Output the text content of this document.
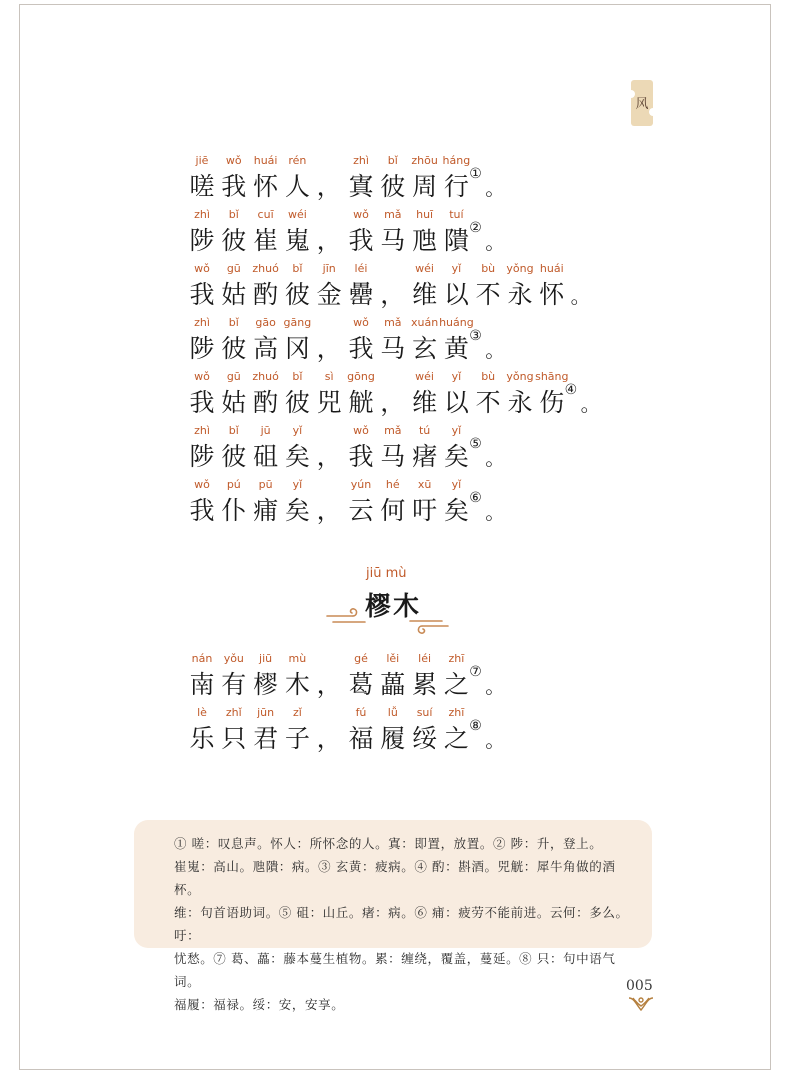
风
jiē
嗟
wǒ
我
huái
怀
rén
人 ，
zhì
寘
bǐ
彼
zhōu
周
háng
行 ①
。
zhì
陟
bǐ
彼
cuī
崔
wéi
嵬 ，
wǒ
我
mǎ
马
huī
虺
tuí
隤 ②
。
wǒ
我
gū
姑
zhuó
酌
bǐ
彼
jīn
金
léi
罍 ，
wéi
维
yǐ
以
bù
不
yǒng
永
huái
怀 。
zhì
陟
bǐ
彼
gāo
高
gāng
冈 ，
wǒ
我
mǎ
马
xuán
玄
huáng
黄 ③
。
wǒ
我
gū
姑
zhuó
酌
bǐ
彼
sì
兕
gōng
觥 ，
wéi
维
yǐ
以
bù
不
yǒng
永
shāng
伤 ④
。
zhì
陟
bǐ
彼
jū
砠
yǐ
矣 ，
wǒ
我
mǎ
马
tú
瘏
yǐ
矣 ⑤
。
wǒ
我
pú
仆
pū
痡
yǐ
矣 ，
yún
云
hé
何
xū
吁
yǐ
矣 ⑥
。
jiū mù
樛木
nán
南
yǒu
有
jiū
樛
mù
木 ，
gé
葛
lěi
藟
léi
累
zhī
之 ⑦
。
lè
乐
zhǐ
只
jūn
君
zǐ
子 ，
fú
福
lǚ
履
suí
绥
zhī
之 ⑧
。
① 嗟：叹息声。怀人：所怀念的人。寘：即置，放置。② 陟：升，登上。
崔嵬：高山。虺隤：病。③ 玄黄：疲病。④ 酌：斟酒。兕觥：犀牛角做的酒杯。
维：句首语助词。⑤ 砠：山丘。瘏：病。⑥ 痡：疲劳不能前进。云何：多么。吁：
忧愁。⑦ 葛、藟：藤本蔓生植物。累：缠绕，覆盖，蔓延。⑧ 只：句中语气词。
福履：福禄。绥：安，安享。
005
